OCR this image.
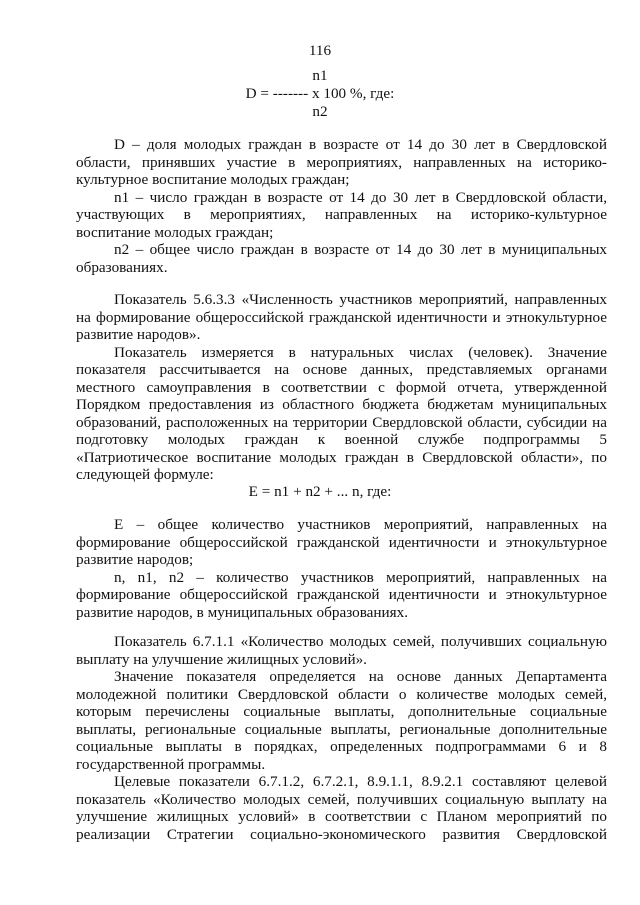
116
n1
D = ------- х 100 %, где:
n2

D – доля молодых граждан в возрасте от 14 до 30 лет в Свердловской области, принявших участие в мероприятиях, направленных на историко-культурное воспитание молодых граждан;

n1 – число граждан в возрасте от 14 до 30 лет в Свердловской области, участвующих в мероприятиях, направленных на историко-культурное воспитание молодых граждан;

n2 – общее число граждан в возрасте от 14 до 30 лет в муниципальных образованиях.

Показатель 5.6.3.3 «Численность участников мероприятий, направленных на формирование общероссийской гражданской идентичности и этнокультурное развитие народов».

Показатель измеряется в натуральных числах (человек). Значение показателя рассчитывается на основе данных, представляемых органами местного самоуправления в соответствии с формой отчета, утвержденной Порядком предоставления из областного бюджета бюджетам муниципальных образований, расположенных на территории Свердловской области, субсидии на подготовку молодых граждан к военной службе подпрограммы 5 «Патриотическое воспитание молодых граждан в Свердловской области», по следующей формуле:

E = n1 + n2 + ... n, где:

E – общее количество участников мероприятий, направленных на формирование общероссийской гражданской идентичности и этнокультурное развитие народов;

n, n1, n2 – количество участников мероприятий, направленных на формирование общероссийской гражданской идентичности и этнокультурное развитие народов, в муниципальных образованиях.

Показатель 6.7.1.1 «Количество молодых семей, получивших социальную выплату на улучшение жилищных условий».

Значение показателя определяется на основе данных Департамента молодежной политики Свердловской области о количестве молодых семей, которым перечислены социальные выплаты, дополнительные социальные выплаты, региональные социальные выплаты, региональные дополнительные социальные выплаты в порядках, определенных подпрограммами 6 и 8 государственной программы.

Целевые показатели 6.7.1.2, 6.7.2.1, 8.9.1.1, 8.9.2.1 составляют целевой показатель «Количество молодых семей, получивших социальную выплату на улучшение жилищных условий» в соответствии с Планом мероприятий по реализации Стратегии социально-экономического развития Свердловской
